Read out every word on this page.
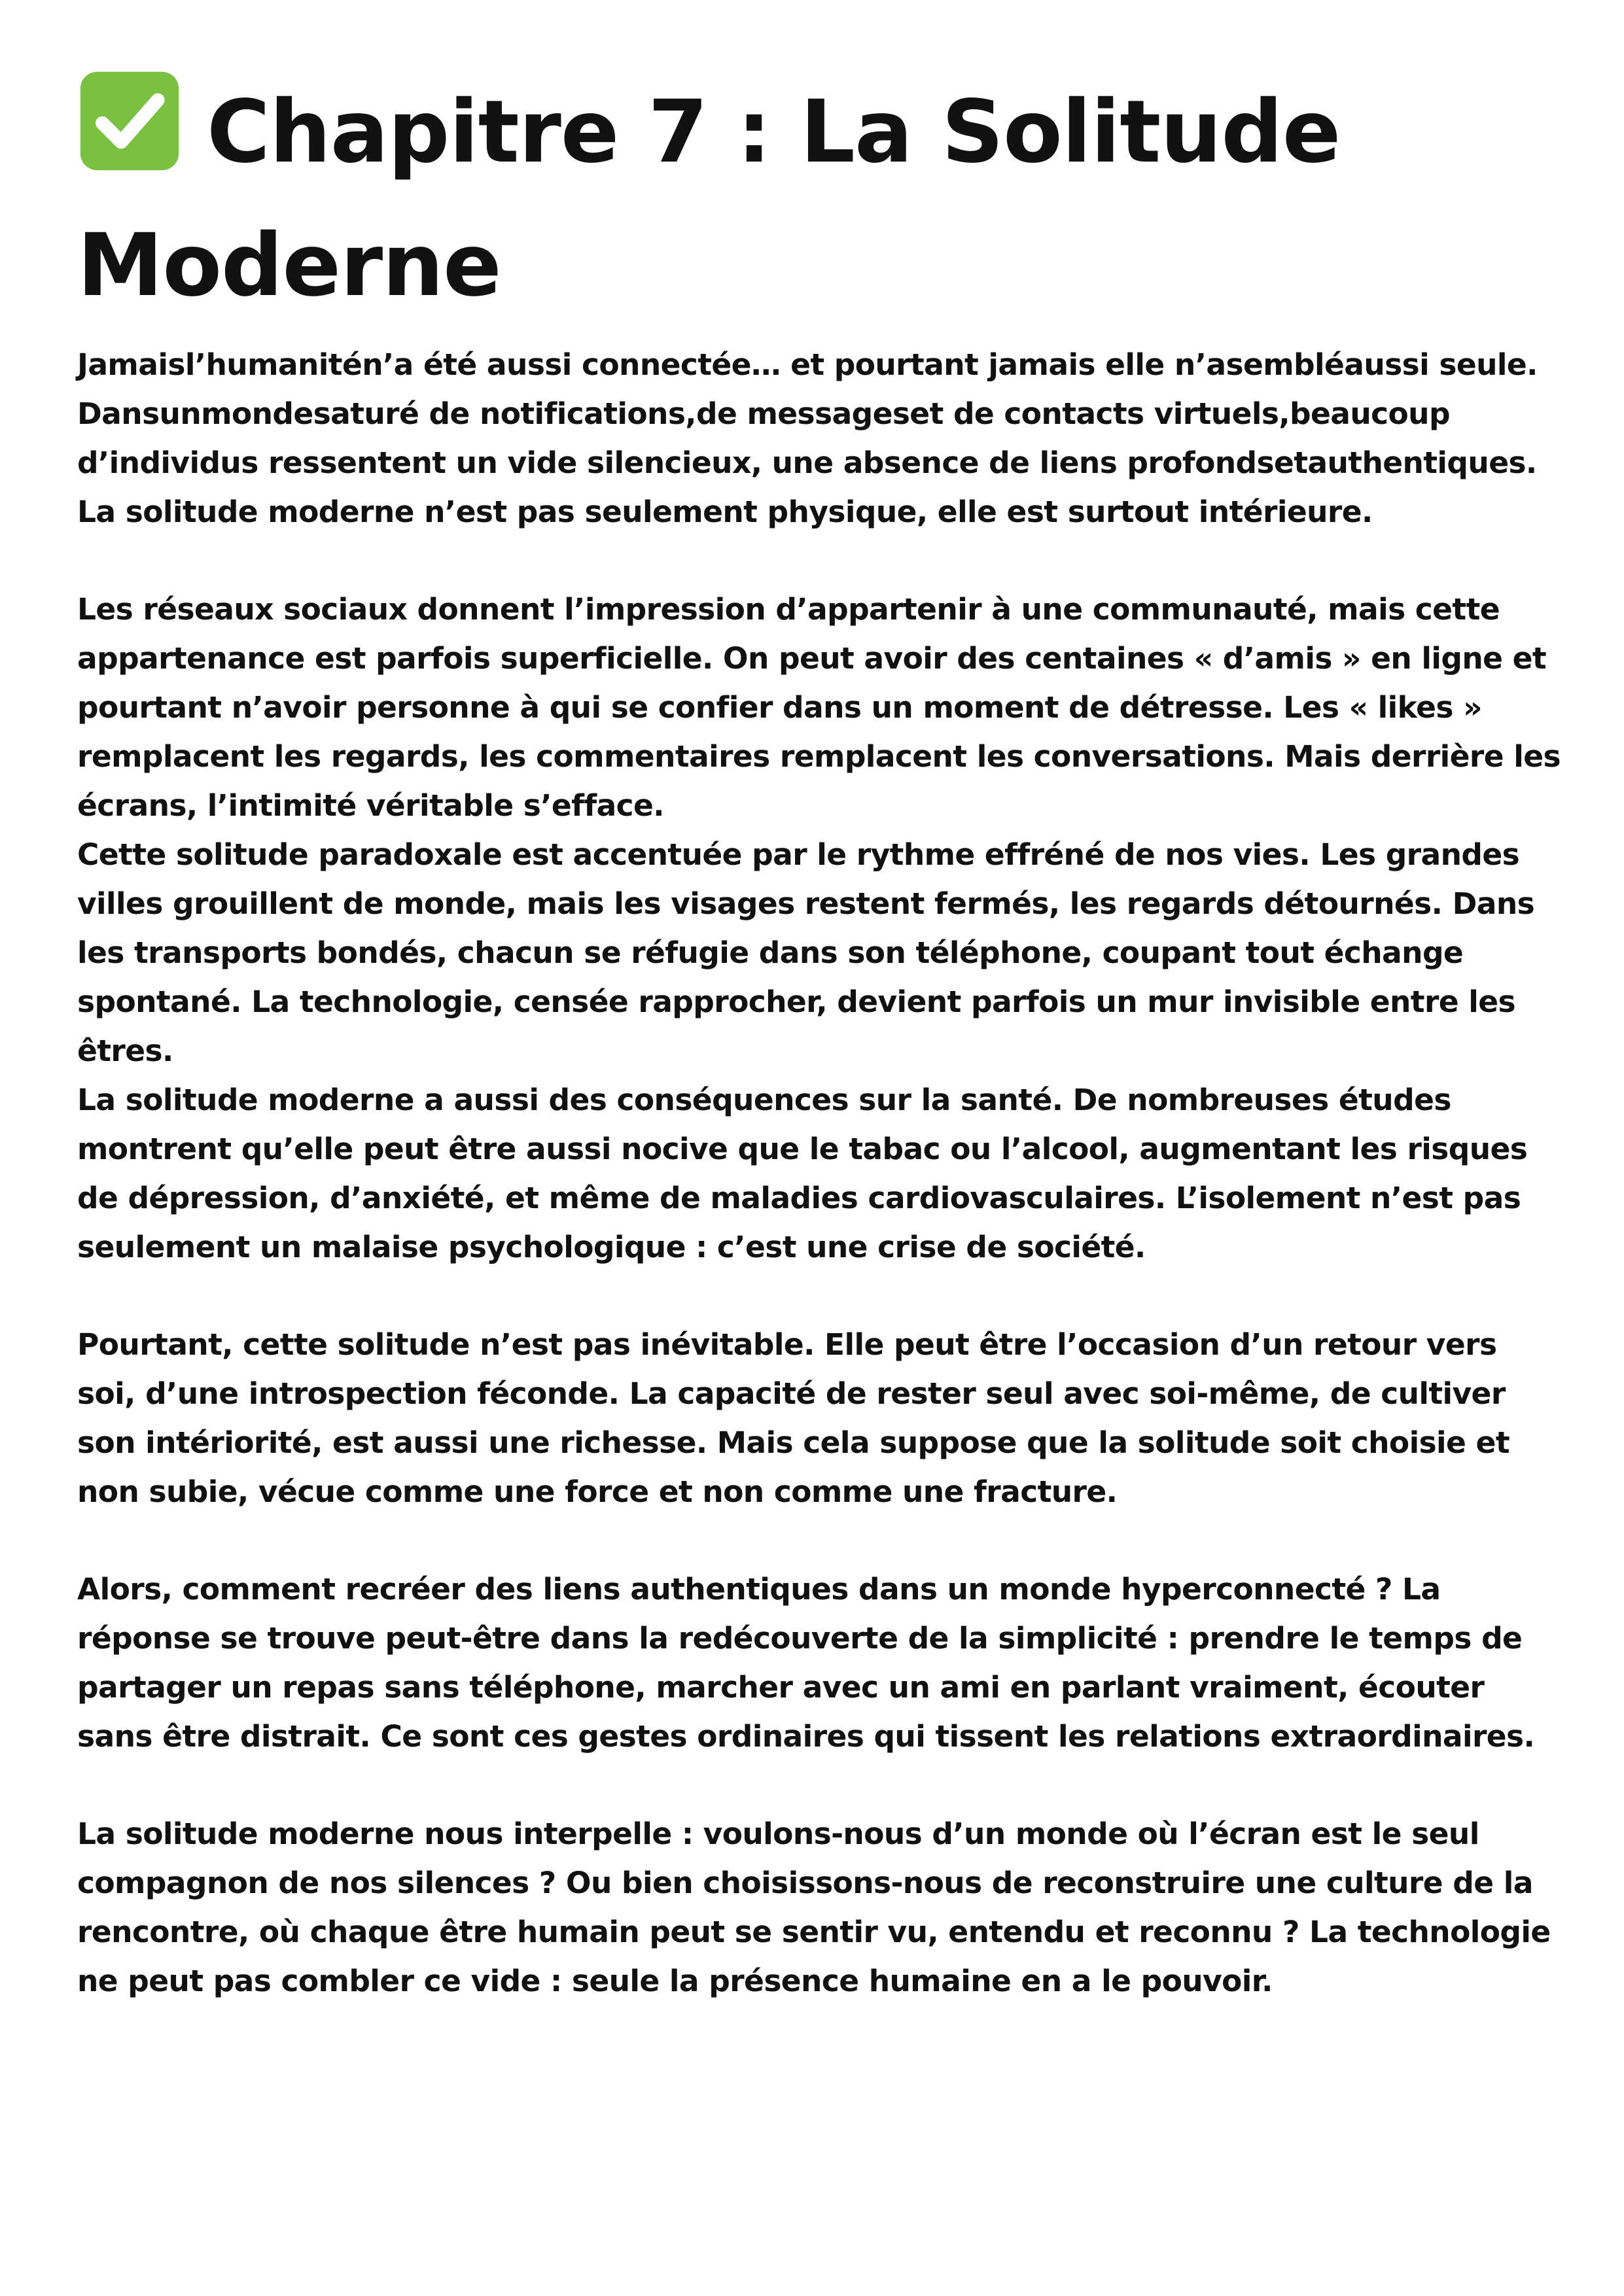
Chapitre 7 : La Solitude Moderne

Jamaisl’humanitén’a été aussi connectée… et pourtant jamais elle n’asembléaussi seule. Dansunmondesaturé de notifications,de messageset de contacts virtuels,beaucoup d’individus ressentent un vide silencieux, une absence de liens profondsetauthentiques. La solitude moderne n’est pas seulement physique, elle est surtout intérieure.

Les réseaux sociaux donnent l’impression d’appartenir à une communauté, mais cette appartenance est parfois superficielle. On peut avoir des centaines « d’amis » en ligne et pourtant n’avoir personne à qui se confier dans un moment de détresse. Les « likes » remplacent les regards, les commentaires remplacent les conversations. Mais derrière les écrans, l’intimité véritable s’efface.

Cette solitude paradoxale est accentuée par le rythme effréné de nos vies. Les grandes villes grouillent de monde, mais les visages restent fermés, les regards détournés. Dans les transports bondés, chacun se réfugie dans son téléphone, coupant tout échange spontané. La technologie, censée rapprocher, devient parfois un mur invisible entre les êtres.

La solitude moderne a aussi des conséquences sur la santé. De nombreuses études montrent qu’elle peut être aussi nocive que le tabac ou l’alcool, augmentant les risques de dépression, d’anxiété, et même de maladies cardiovasculaires. L’isolement n’est pas seulement un malaise psychologique : c’est une crise de société.

Pourtant, cette solitude n’est pas inévitable. Elle peut être l’occasion d’un retour vers soi, d’une introspection féconde. La capacité de rester seul avec soi-même, de cultiver son intériorité, est aussi une richesse. Mais cela suppose que la solitude soit choisie et non subie, vécue comme une force et non comme une fracture.

Alors, comment recréer des liens authentiques dans un monde hyperconnecté ? La réponse se trouve peut-être dans la redécouverte de la simplicité : prendre le temps de partager un repas sans téléphone, marcher avec un ami en parlant vraiment, écouter sans être distrait. Ce sont ces gestes ordinaires qui tissent les relations extraordinaires.

La solitude moderne nous interpelle : voulons-nous d’un monde où l’écran est le seul compagnon de nos silences ? Ou bien choisissons-nous de reconstruire une culture de la rencontre, où chaque être humain peut se sentir vu, entendu et reconnu ? La technologie ne peut pas combler ce vide : seule la présence humaine en a le pouvoir.
